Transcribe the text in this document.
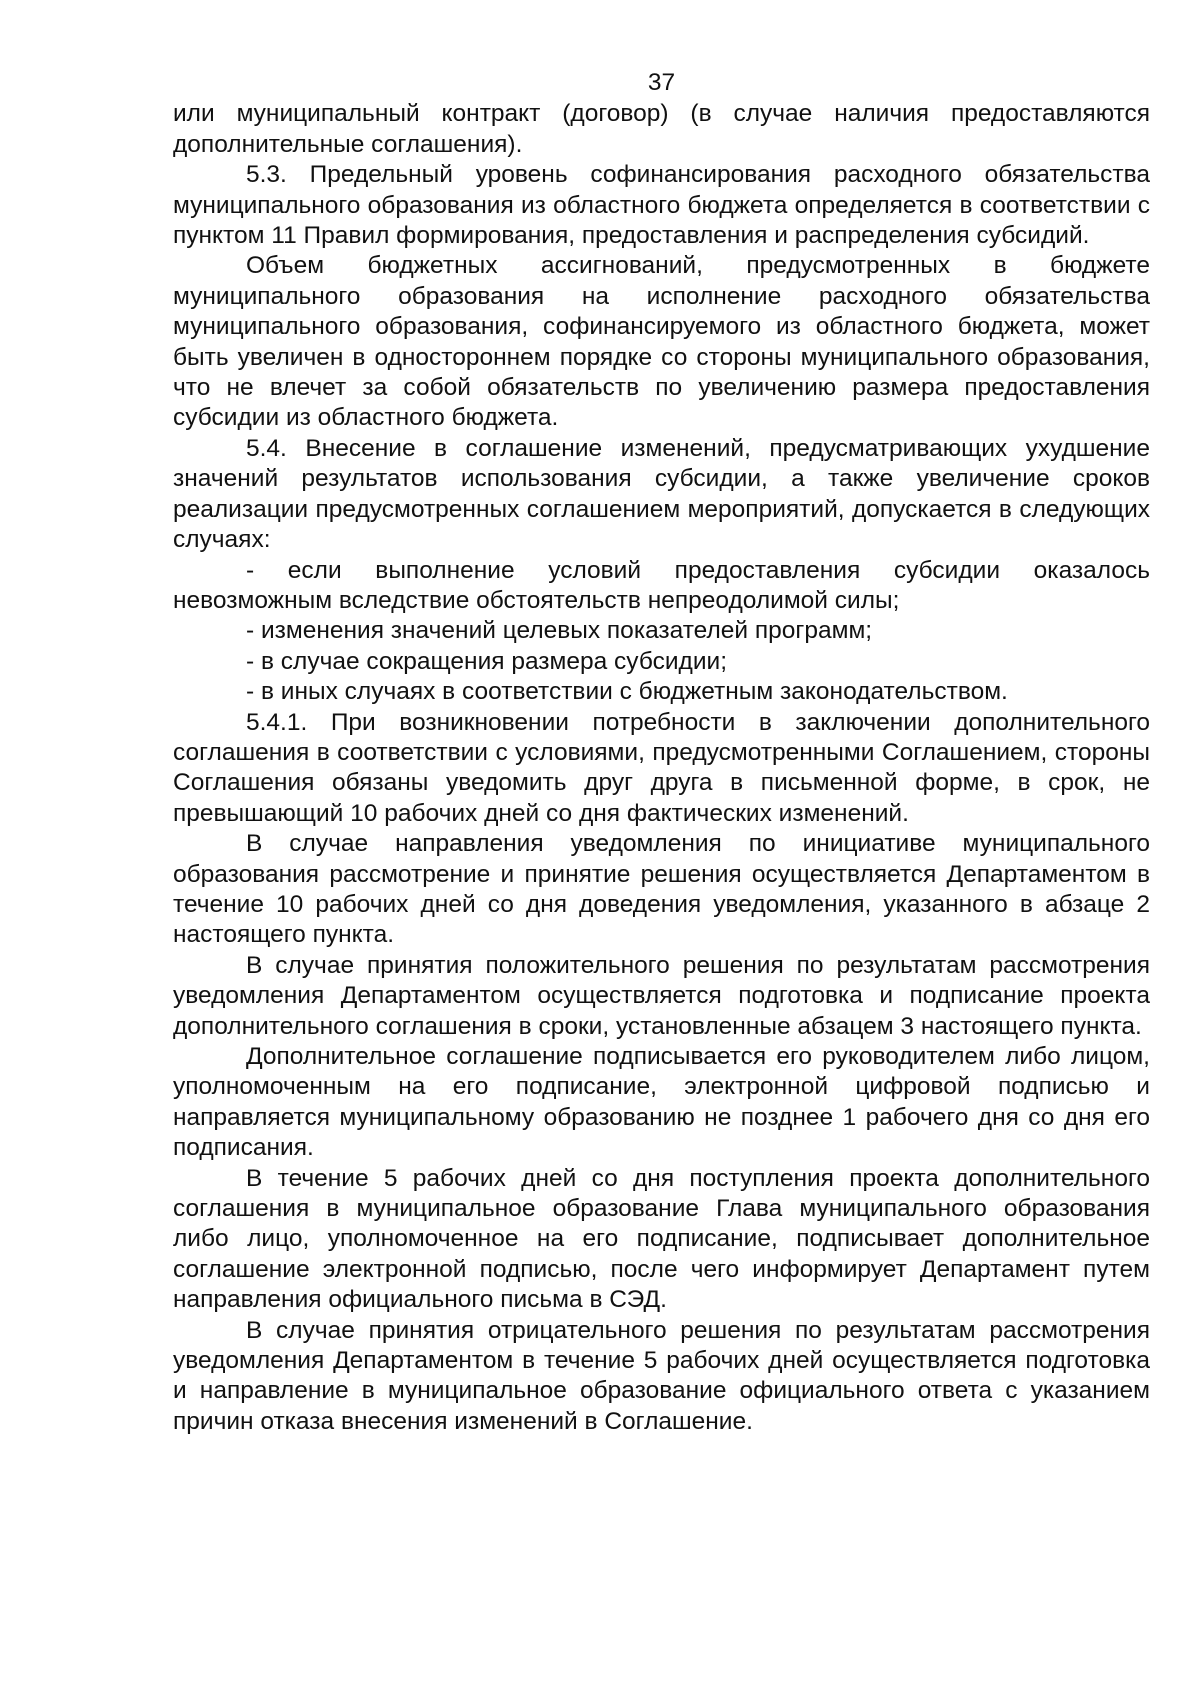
37

или муниципальный контракт (договор) (в случае наличия предоставляются дополнительные соглашения).

5.3. Предельный уровень софинансирования расходного обязательства муниципального образования из областного бюджета определяется в соответствии с пунктом 11 Правил формирования, предоставления и распределения субсидий.

Объем бюджетных ассигнований, предусмотренных в бюджете муниципального образования на исполнение расходного обязательства муниципального образования, софинансируемого из областного бюджета, может быть увеличен в одностороннем порядке со стороны муниципального образования, что не влечет за собой обязательств по увеличению размера предоставления субсидии из областного бюджета.

5.4. Внесение в соглашение изменений, предусматривающих ухудшение значений результатов использования субсидии, а также увеличение сроков реализации предусмотренных соглашением мероприятий, допускается в следующих случаях:

- если выполнение условий предоставления субсидии оказалось невозможным вследствие обстоятельств непреодолимой силы;

- изменения значений целевых показателей программ;

- в случае сокращения размера субсидии;

- в иных случаях в соответствии с бюджетным законодательством.

5.4.1. При возникновении потребности в заключении дополнительного соглашения в соответствии с условиями, предусмотренными Соглашением, стороны Соглашения обязаны уведомить друг друга в письменной форме, в срок, не превышающий 10 рабочих дней со дня фактических изменений.

В случае направления уведомления по инициативе муниципального образования рассмотрение и принятие решения осуществляется Департаментом в течение 10 рабочих дней со дня доведения уведомления, указанного в абзаце 2 настоящего пункта.

В случае принятия положительного решения по результатам рассмотрения уведомления Департаментом осуществляется подготовка и подписание проекта дополнительного соглашения в сроки, установленные абзацем 3 настоящего пункта.

Дополнительное соглашение подписывается его руководителем либо лицом, уполномоченным на его подписание, электронной цифровой подписью и направляется муниципальному образованию не позднее 1 рабочего дня со дня его подписания.

В течение 5 рабочих дней со дня поступления проекта дополнительного соглашения в муниципальное образование Глава муниципального образования либо лицо, уполномоченное на его подписание, подписывает дополнительное соглашение электронной подписью, после чего информирует Департамент путем направления официального письма в СЭД.

В случае принятия отрицательного решения по результатам рассмотрения уведомления Департаментом в течение 5 рабочих дней осуществляется подготовка и направление в муниципальное образование официального ответа с указанием причин отказа внесения изменений в Соглашение.
